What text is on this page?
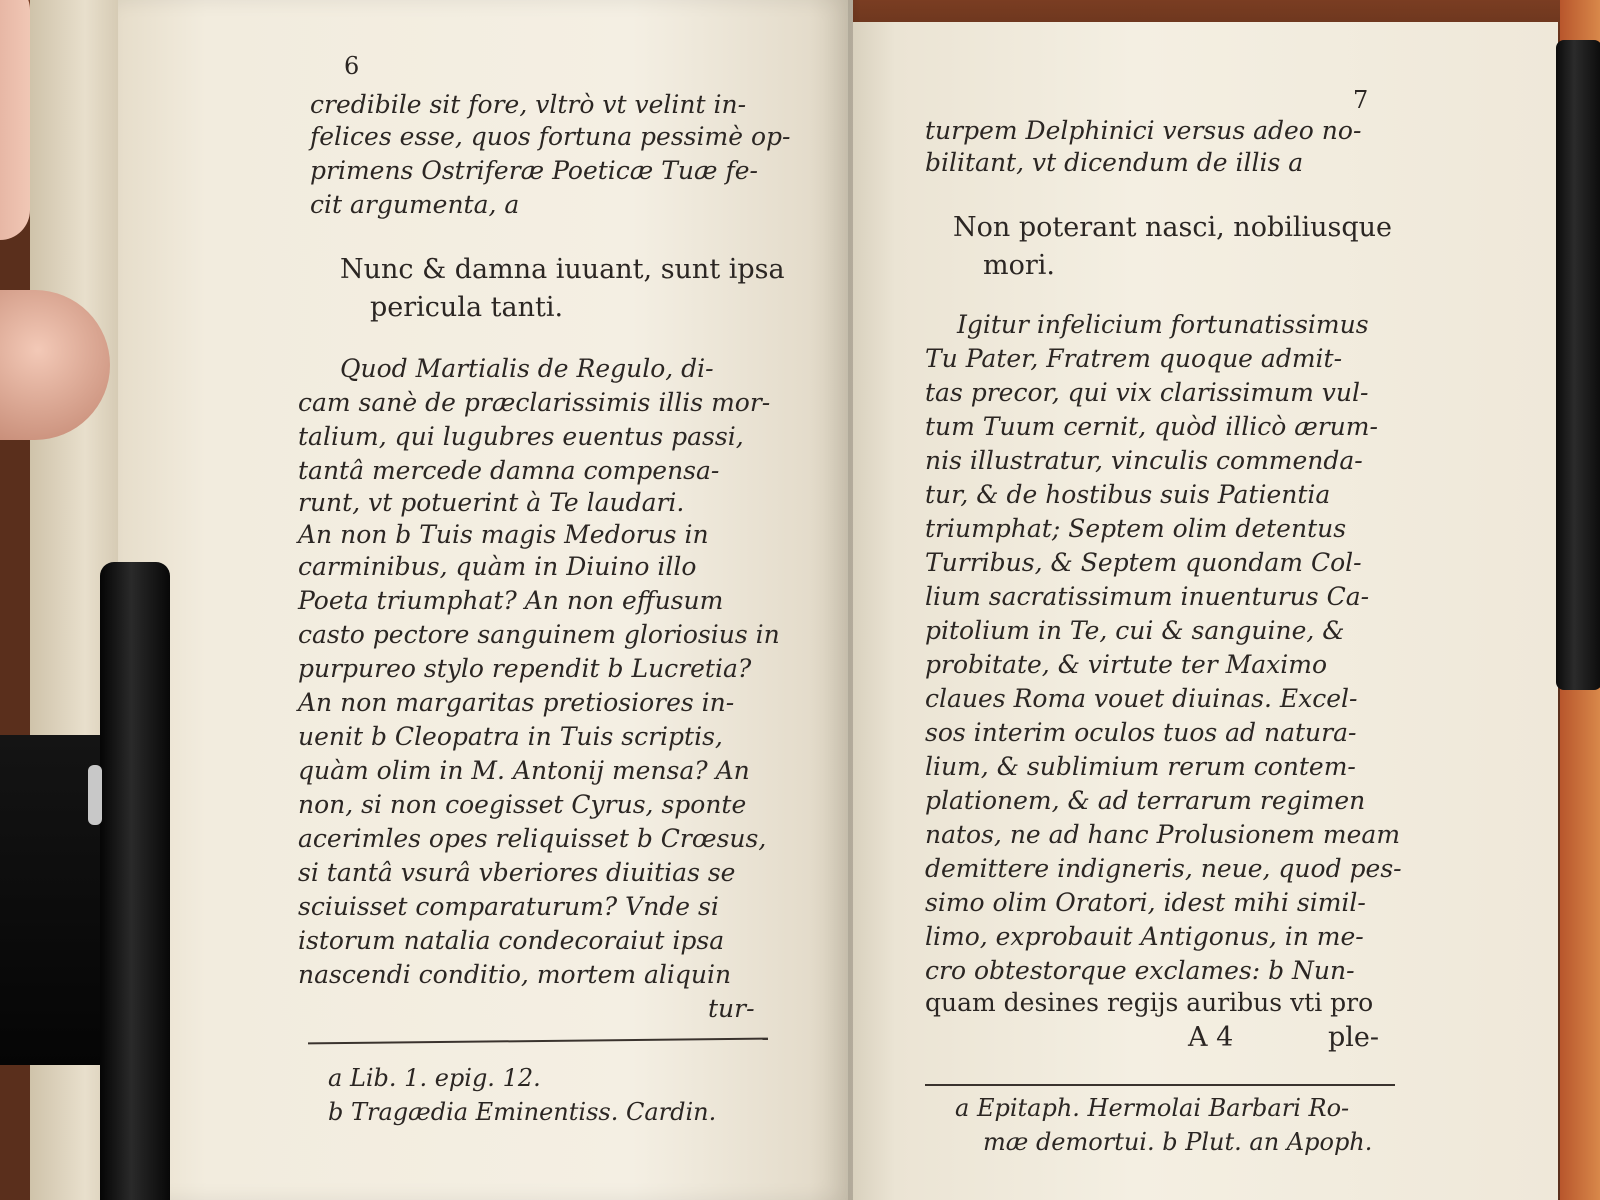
6
credibile sit fore, vltrò vt velint in-
felices esse, quos fortuna pessimè op-
primens Ostriferæ Poeticæ Tuæ fe-
cit argumenta, a
Nunc & damna iuuant, sunt ipsa
pericula tanti.
Quod Martialis de Regulo, di-
cam sanè de præclarissimis illis mor-
talium, qui lugubres euentus passi,
tantâ mercede damna compensa-
runt, vt potuerint à Te laudari.
An non b Tuis magis Medorus in
carminibus, quàm in Diuino illo
Poeta triumphat? An non effusum
casto pectore sanguinem gloriosius in
purpureo stylo rependit b Lucretia?
An non margaritas pretiosiores in-
uenit b Cleopatra in Tuis scriptis,
quàm olim in M. Antonij mensa? An
non, si non coegisset Cyrus, sponte
acerimles opes reliquisset b Crœsus,
si tantâ vsurâ vberiores diuitias se
sciuisset comparaturum? Vnde si
istorum natalia condecoraiut ipsa
nascendi conditio, mortem aliquin
tur-
a Lib. 1. epig. 12.
b Tragædia Eminentiss. Cardin.
7
turpem Delphinici versus adeo no-
bilitant, vt dicendum de illis a
Non poterant nasci, nobiliusque
mori.
Igitur infelicium fortunatissimus
Tu Pater, Fratrem quoque admit-
tas precor, qui vix clarissimum vul-
tum Tuum cernit, quòd illicò ærum-
nis illustratur, vinculis commenda-
tur, & de hostibus suis Patientia
triumphat; Septem olim detentus
Turribus, & Septem quondam Col-
lium sacratissimum inuenturus Ca-
pitolium in Te, cui & sanguine, &
probitate, & virtute ter Maximo
claues Roma vouet diuinas. Excel-
sos interim oculos tuos ad natura-
lium, & sublimium rerum contem-
plationem, & ad terrarum regimen
natos, ne ad hanc Prolusionem meam
demittere indigneris, neue, quod pes-
simo olim Oratori, idest mihi simil-
limo, exprobauit Antigonus, in me-
cro obtestorque exclames: b Nun-
quam desines regijs auribus vti pro
A 4	ple-
a Epitaph. Hermolai Barbari Ro-
mæ demortui. b Plut. an Apoph.
